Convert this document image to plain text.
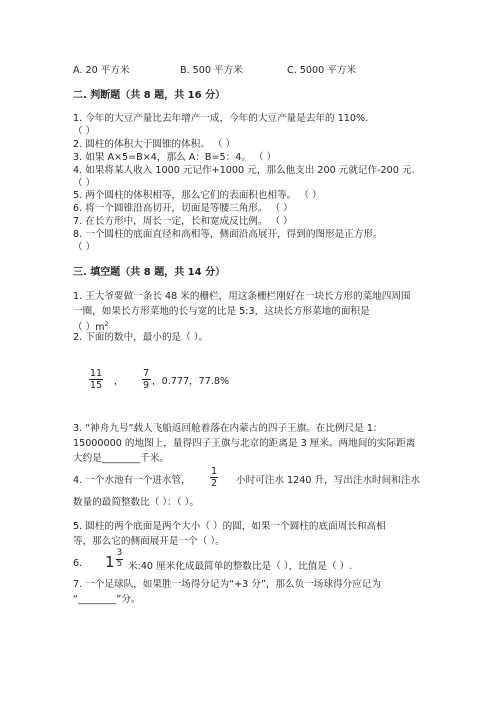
A. 20 平方米	B. 500 平方米	C. 5000 平方米
二. 判断题（共 8 题，共 16 分）
1. 今年的大豆产量比去年增产一成，今年的大豆产量是去年的 110%.
（ ）
2. 圆柱的体积大于圆锥的体积。 （ ）
3. 如果 A×5=B×4，那么 A：B=5：4。 （ ）
4. 如果将某人收入 1000 元记作+1000 元，那么他支出 200 元就记作-200 元.
（ ）
5. 两个圆柱的体积相等，那么它们的表面积也相等。 （ ）
6. 将一个圆锥沿高切开，切面是等腰三角形。 （ ）
7. 在长方形中，周长一定，长和宽成反比例。 （ ）
8. 一个圆柱的底面直径和高相等，侧面沿高展开，得到的图形是正方形。
（ ）
三. 填空题（共 8 题，共 14 分）
1. 王大爷要做一条长 48 米的栅栏，用这条栅栏刚好在一块长方形的菜地四周围
一圈，如果长方形菜地的长与宽的比是 5:3，这块长方形菜地的面积是
（ ）$m^2$
2. 下面的数中，最小的是（ ）。
11
15 ，
7
9 ，0.777，77.8%
3. “神舟九号”载人飞船返回舱着落在内蒙古的四子王旗。在比例尺是 1：
15000000 的地图上，量得四子王旗与北京的距离是 3 厘米。两地间的实际距离
大约是________千米。
4. 一个水池有一个进水管，
1
2 小时可注水 1240 升，写出注水时间和注水
数量的最简整数比（ ）：（ ）。
5. 圆柱的两个底面是两个大小（ ）的圆，如果一个圆柱的底面周长和高相
等，那么它的侧面展开是一个（ ）。
6. 1 3
5 米:40 厘米化成最简单的整数比是（ ），比值是（ ）.
7. 一个足球队，如果胜一场得分记为“+3 分”，那么负一场球得分应记为
“________”分。
